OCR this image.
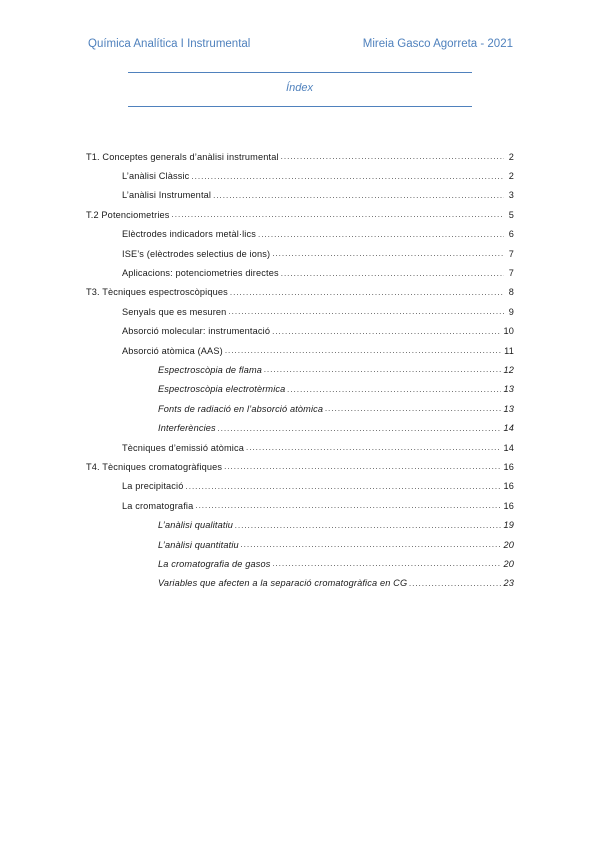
Química Analítica I Instrumental	Mireia Gasco Agorreta - 2021
Índex
T1. Conceptes generals d’anàlisi instrumental .....	2
L’anàlisi Clàssic .....	2
L’anàlisi Instrumental .....	3
T.2 Potenciometries .....	5
Elèctrodes indicadors metàl·lics .....	6
ISE’s (elèctrodes selectius de ions) .....	7
Aplicacions: potenciometries directes .....	7
T3. Tècniques espectroscòpiques .....	8
Senyals que es mesuren .....	9
Absorció molecular: instrumentació .....	10
Absorció atòmica (AAS) .....	11
Espectroscòpia de flama .....	12
Espectroscòpia electrotèrmica .....	13
Fonts de radiació en l’absorció atòmica .....	13
Interferències .....	14
Tècniques d’emissió atòmica .....	14
T4. Tècniques cromatogràfiques .....	16
La precipitació .....	16
La cromatografia .....	16
L’anàlisi qualitatiu .....	19
L’anàlisi quantitatiu .....	20
La cromatografia de gasos .....	20
Variables que afecten a la separació cromatogràfica en CG .....	23
